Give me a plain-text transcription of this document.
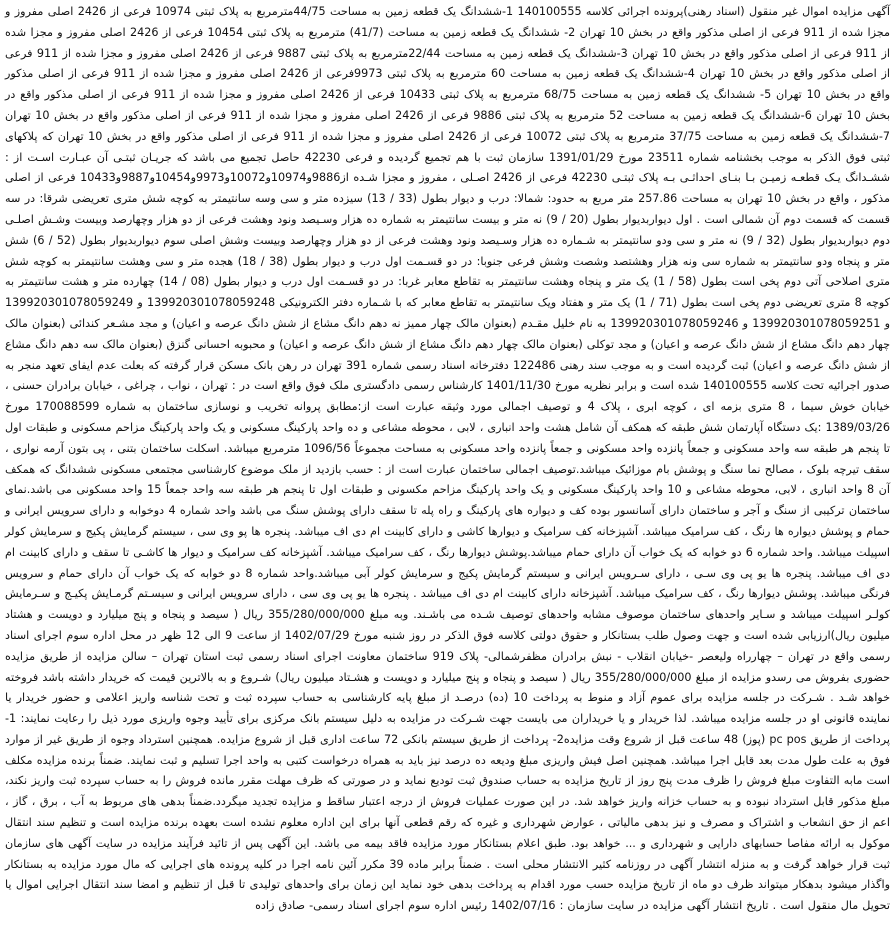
آگهی مزایده اموال غیر منقول (اسناد رهنی)پرونده اجرائی کلاسه 140100555 1-ششدانگ یک قطعه زمین به مساحت 44/75مترمربع به پلاک ثبتی 10974 فرعی از 2426 اصلی مفروز و مجزا شده از 911 فرعی از اصلی مذکور واقع در بخش 10 تهران 2- ششدانگ یک قطعه زمین به مساحت (41/7) مترمربع به پلاک ثبتی 10454 فرعی از 2426 اصلی مفروز و مجزا شده از 911 فرعی از اصلی مذکور واقع در بخش 10 تهران 3-ششدانگ یک قطعه زمین به مساحت 22/44مترمربع به پلاک ثبتی 9887 فرعی از 2426 اصلی مفروز و مجزا شده از 911 فرعی از اصلی مذکور واقع در بخش 10 تهران 4-ششدانگ یک قطعه زمین به مساحت 60 مترمربع به پلاک ثبتی 9973فرعی از 2426 اصلی مفروز و مجزا شده از 911 فرعی از اصلی مذکور واقع در بخش 10 تهران 5- ششدانگ یک قطعه زمین به مساحت 68/75 مترمربع به پلاک ثبتی 10433 فرعی از 2426 اصلی مفروز و مجزا شده از 911 فرعی از اصلی مذکور واقع در بخش 10 تهران 6-ششدانگ یک قطعه زمین به مساحت 52 مترمربع به پلاک ثبتی 9886 فرعی از 2426 اصلی مفروز و مجزا شده از 911 فرعی از اصلی مذکور واقع در بخش 10 تهران 7-ششدانگ یک قطعه زمین به مساحت 37/75 مترمربع به پلاک ثبتی 10072 فرعی از 2426 اصلی مفروز و مجزا شده از 911 فرعی از اصلی مذکور واقع در بخش 10 تهران که پلاکهای ثبتی فوق الذکر به موجب بخشنامه شماره 23511 مورخ 1391/01/29 سازمان ثبت با هم تجمیع گردیده و فرعی 42230 حاصل تجمیع می باشد که جریـان ثبتـی آن عبـارت اسـت از : ششـدانگ یـک قطعـه زمیـن بـا بنـای احداثـی بـه پلاک ثبتـی 42230 فرعی از 2426 اصـلی ، مفروز و مجزا شـده از9886و10974و10072و9973و10454و9887و10433 فرعی از اصلی مذکور ، واقع در بخش 10 تهران به مساحت 257.86 متر مربع به حدود: شمالا: درب و دیوار بطول (33 / 13) سیزده متر و سی وسه سانتیمتر به کوچه شش متری تعریضی شرقا: در سه قسمت که قسمت دوم آن شمالی است . اول دیواربدیوار بطول (20 / 9) نه متر و بیست سانتیمتر به شماره ده هزار وسـیصد ونود وهشت فرعی از دو هزار وچهارصد وبیست وشـش اصلـی دوم دیواربدیوار بطول (32 / 9) نه متر و سی ودو سانتیمتر به شـماره ده هزار وسـیصد ونود وهشت فرعی از دو هزار وچهارصد وبیست وشش اصلی سوم دیواربدیوار بطول (52 / 6) شش متر و پنجاه ودو سانتیمتر به شماره سی ونه هزار وهشتصد وشصت وشش فرعی جنوبا: در دو قسـمت اول درب و دیوار بطول (38 / 18) هجده متر و سی وهشت سانتیمتر به کوچه شش متری اصلاحی آتی دوم پخی است بطول (58 / 1) یک متر و پنجاه وهشت سانتیمتر به تقاطع معابر غربا: در دو قسـمت اول درب و دیوار بطول (08 / 14) چهارده متر و هشت سانتیمتر به کوچه 8 متری تعریضی دوم پخی است بطول (71 / 1) یک متر و هفتاد ویک سانتیمتر به تقاطع معابر که با شـماره دفتر الکترونیکی 139920301078059248 و 139920301078059249 و 139920301078059251 و 139920301078059246 به نام خلیل مقـدم (بعنوان مالک چهار ممیز نه دهم دانگ مشاع از شش دانگ عرصه و اعیان) و مجد مشـعر کندائی (بعنوان مالک چهار دهم دانگ مشاع از شش دانگ عرصه و اعیان) و مجد توکلی (بعنوان مالک چهار دهم دانگ مشاع از شش دانگ عرصه و اعیان) و محبوبه احسانی گنزق (بعنوان مالک سه دهم دانگ مشاع از شش دانگ عرصه و اعیان) ثبت گردیده است و به موجب سند رهنی 122486 دفترخانه اسناد رسمی شماره 391 تهران در رهن بانک مسکن قرار گرفته که بعلت عدم ایفای تعهد منجر به صدور اجرائیه تحت کلاسه 140100555 شده است و برابر نظریه مورخ 1401/11/30 کارشناس رسمی دادگستری ملک فوق واقع است در : تهران ، نواب ، چراغی ، خیابان برادران حسنی ، خیابان خوش سیما ، 8 متری بزمه ای ، کوچه ابری ، پلاک 4 و توصیف اجمالی مورد وثیقه عبارت است از:مطابق پروانه تخریب و نوسازی ساختمان به شماره 170088599 مورخ 1389/03/26 :یک دستگاه آپارتمان شش طبقه که همکف آن شامل هشت واحد انباری ، لابی ، محوطه مشاعی و ده واحد پارکینگ مسکونی و یک واحد پارکینگ مزاحم مسکونی و طبقات اول تا پنجم هر طبقه سه واحد مسکونی و جمعاً پانزده واحد مسکونی و جمعاً پانزده واحد مسکونی به مساحت مجموعاً 1096/56 مترمربع میباشد. اسکلت ساختمان بتنی ، پی بتون آرمه نواری ، سقف تیرچه بلوک ، مصالح نما سنگ و پوشش بام موزائیک میباشد.توصیف اجمالی ساختمان عبارت است از : حسب بازدید از ملک موضوع کارشناسی مجتمعی مسکونی ششدانگ که همکف آن 8 واحد انباری ، لابی، محوطه مشاعی و 10 واحد پارکینگ مسکونی و یک واحد پارکینگ مزاحم مکسونی و طبقات اول تا پنجم هر طبقه سه واحد جمعاً 15 واحد مسکونی می باشد.نمای ساختمان ترکیبی از سنگ و آجر و ساختمان دارای آسانسور بوده کف و دیواره های پارکینگ و راه پله تا سقف دارای پوشش سنگ می باشد واحد شماره 4 دوخوابه و دارای سرویس ایرانی و حمام و پوشش دیواره ها رنگ ، کف سرامیک میباشد. آشپزخانه کف سرامیک و دیوارها کاشی و دارای کابینت ام دی اف میباشد. پنجره ها پو وی سی ، سیستم گرمایش پکیج و سرمایش کولر اسپیلت میباشد. واحد شماره 6 دو خوابه که یک خواب آن دارای حمام میباشد.پوشش دیوارها رنگ ، کف سرامیک میباشد. آشپزخانه کف سرامیک و دیوار ها کاشـی تا سقف و دارای کابینت ام دی اف میباشد. پنجره ها یو پی وی سـی ، دارای سـرویس ایرانی و سیستم گرمایش پکیج و سرمایش کولر آبی میباشد.واحد شماره 8 دو خوابه که یک خواب آن دارای حمام و سرویس فرنگی میباشد. پوشش دیوارها رنگ ، کف سرامیک میباشد. آشپزخانه دارای کابینت ام دی اف میباشد . پنجره ها یو پی وی سی ، دارای سرویس ایرانی و سیسـتم گرمـایش پکیـج و سـرمایش کولـر اسپیلت میباشد و سـایر واحدهای ساختمان موصوف مشابه واحدهای توصیف شـده می باشـند. وبه مبلغ 355/280/000/000 ریال ( سیصد و پنجاه و پنج میلیارد و دویست و هشتاد میلیون ریال)ارزیابی شده است و جهت وصول طلب بستانکار و حقوق دولتی کلاسه فوق الذکر در روز شنبه مورخ 1402/07/29 از ساعت 9 الی 12 ظهر در محل اداره سوم اجرای اسناد رسمی واقع در تهران – چهارراه ولیعصر -خیابان انقلاب - نبش برادران مظفرشمالی- پلاک 919 ساختمان معاونت اجرای اسناد رسمی ثبت استان تهران – سالن مزایده از طریق مزایده حضوری بفروش می رسدو مزایده از مبلغ 355/280/000/000 ریال ( سیصد و پنجاه و پنج میلیارد و دویست و هشـتاد میلیون ریال) شـروع و به بالاترین قیمت که خریدار داشته باشد فروخته خواهد شـد . شـرکت در جلسه مزایده برای عموم آزاد و منوط به پرداخت 10 (ده) درصـد از مبلغ پایه کارشناسی به حساب سپرده ثبت و تحت شناسه واریز اعلامی و حضور خریدار یا نماینده قانونی او در جلسه مزایده میباشد. لذا خریدار و یا خریداران می بایست جهت شـرکت در مزایده به دلیل سیستم بانک مرکزی برای تأیید وجوه واریزی مورد ذیل را رعایت نمایند: 1- پرداخت از طریق pc pos (پوز) 48 ساعت قبل از شروع وقت مزایده2- پرداخت از طریق سیستم بانکی 72 ساعت اداری قبل از شروع مزایده. همچنین استرداد وجوه از طریق غیر از موارد فوق به علت طول مدت بعد قابل اجرا میباشد. همچنین اصل فیش واریزی مبلغ ودیعه ده درصد نیز باید به همراه درخواست کتبی به واحد اجرا تسلیم و ثبت نمایند. ضمناً برنده مزایده مکلف است مابه التفاوت مبلغ فروش را ظرف مدت پنج روز از تاریخ مزایده به حساب صندوق ثبت تودیع نماید و در صورتی که ظرف مهلت مقرر مانده فروش را به حساب سپرده ثبت واریز نکند، مبلغ مذکور قابل استرداد نبوده و به حساب خزانه واریز خواهد شد. در این صورت عملیات فروش از درجه اعتبار ساقط و مزایده تجدید میگردد.ضمناً بدهی های مربوط به آب ، برق ، گاز ، اعم از حق انشعاب و اشتراک و مصرف و نیز بدهی مالیاتی ، عوارض شهرداری و غیره که رقم قطعی آنها برای این اداره معلوم نشده است بعهده برنده مزایده است و تنظیم سند انتقال موکول به ارائه مفاصا حسابهای دارایی و شهرداری و ... خواهد بود. طبق اعلام بستانکار مورد مزایده فاقد بیمه می باشد. این آگهی پس از تائید فرآیند مزایده در سایت آگهی های سازمان ثبت قرار خواهد گرفت و به منزله انتشار آگهی در روزنامه کثیر الانتشار محلی است . ضمناً برابر ماده 39 مکرر آئین نامه اجرا در کلیه پرونده های اجرایی که مال مورد مزایده به بستانکار واگذار میشود بدهکار میتواند ظرف دو ماه از تاریخ مزایده حسب مورد اقدام به پرداخت بدهی خود نماید این زمان برای واحدهای تولیدی تا قبل از تنظیم و امضا سند انتقال اجرایی اموال یا تحویل مال منقول است . تاریخ انتشار آگهی مزایده در سایت سازمان : 1402/07/16 رئیس اداره سوم اجرای اسناد رسمی- صادق زاده
